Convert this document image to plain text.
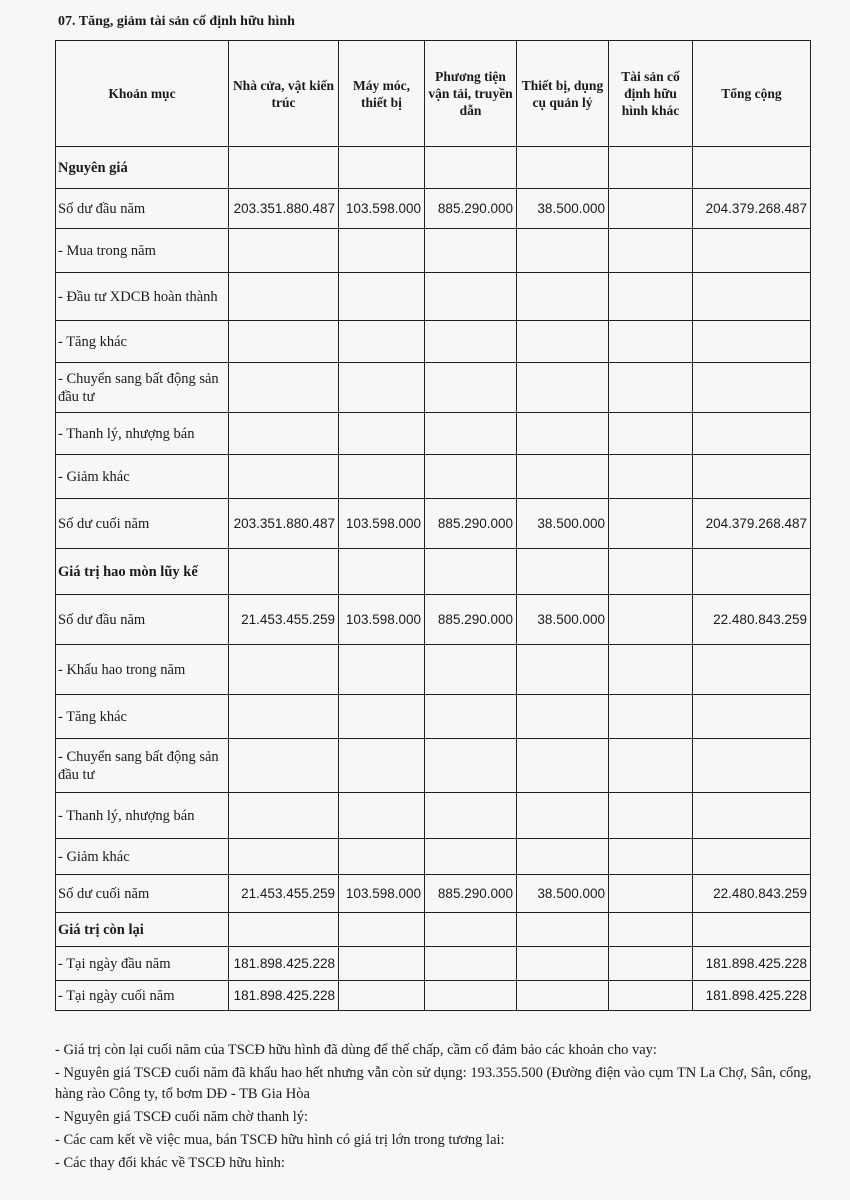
07. Tăng, giảm tài sản cố định hữu hình
Khoản mục	Nhà cửa, vật kiến trúc	Máy móc, thiết bị	Phương tiện vận tải, truyền dẫn	Thiết bị, dụng cụ quản lý	Tài sản cố định hữu hình khác	Tổng cộng
Nguyên giá						
Số dư đầu năm	203.351.880.487	103.598.000	885.290.000	38.500.000		204.379.268.487
- Mua trong năm						
- Đầu tư XDCB hoàn thành						
- Tăng khác						
- Chuyển sang bất động sản đầu tư						
- Thanh lý, nhượng bán						
- Giảm khác						
Số dư cuối năm	203.351.880.487	103.598.000	885.290.000	38.500.000		204.379.268.487
Giá trị hao mòn lũy kế						
Số dư đầu năm	21.453.455.259	103.598.000	885.290.000	38.500.000		22.480.843.259
- Khấu hao trong năm						
- Tăng khác						
- Chuyển sang bất động sản đầu tư						
- Thanh lý, nhượng bán						
- Giảm khác						
Số dư cuối năm	21.453.455.259	103.598.000	885.290.000	38.500.000		22.480.843.259
Giá trị còn lại						
- Tại ngày đầu năm	181.898.425.228					181.898.425.228
- Tại ngày cuối năm	181.898.425.228					181.898.425.228

- Giá trị còn lại cuối năm của TSCĐ hữu hình đã dùng để thế chấp, cầm cố đảm bảo các khoản cho vay:

- Nguyên giá TSCĐ cuối năm đã khấu hao hết nhưng vẫn còn sử dụng: 193.355.500 (Đường điện vào cụm TN La Chợ, Sân, cổng, hàng rào Công ty, tổ bơm DĐ - TB Gia Hòa

- Nguyên giá TSCĐ cuối năm chờ thanh lý:

- Các cam kết về việc mua, bán TSCĐ hữu hình có giá trị lớn trong tương lai:

- Các thay đổi khác về TSCĐ hữu hình:
